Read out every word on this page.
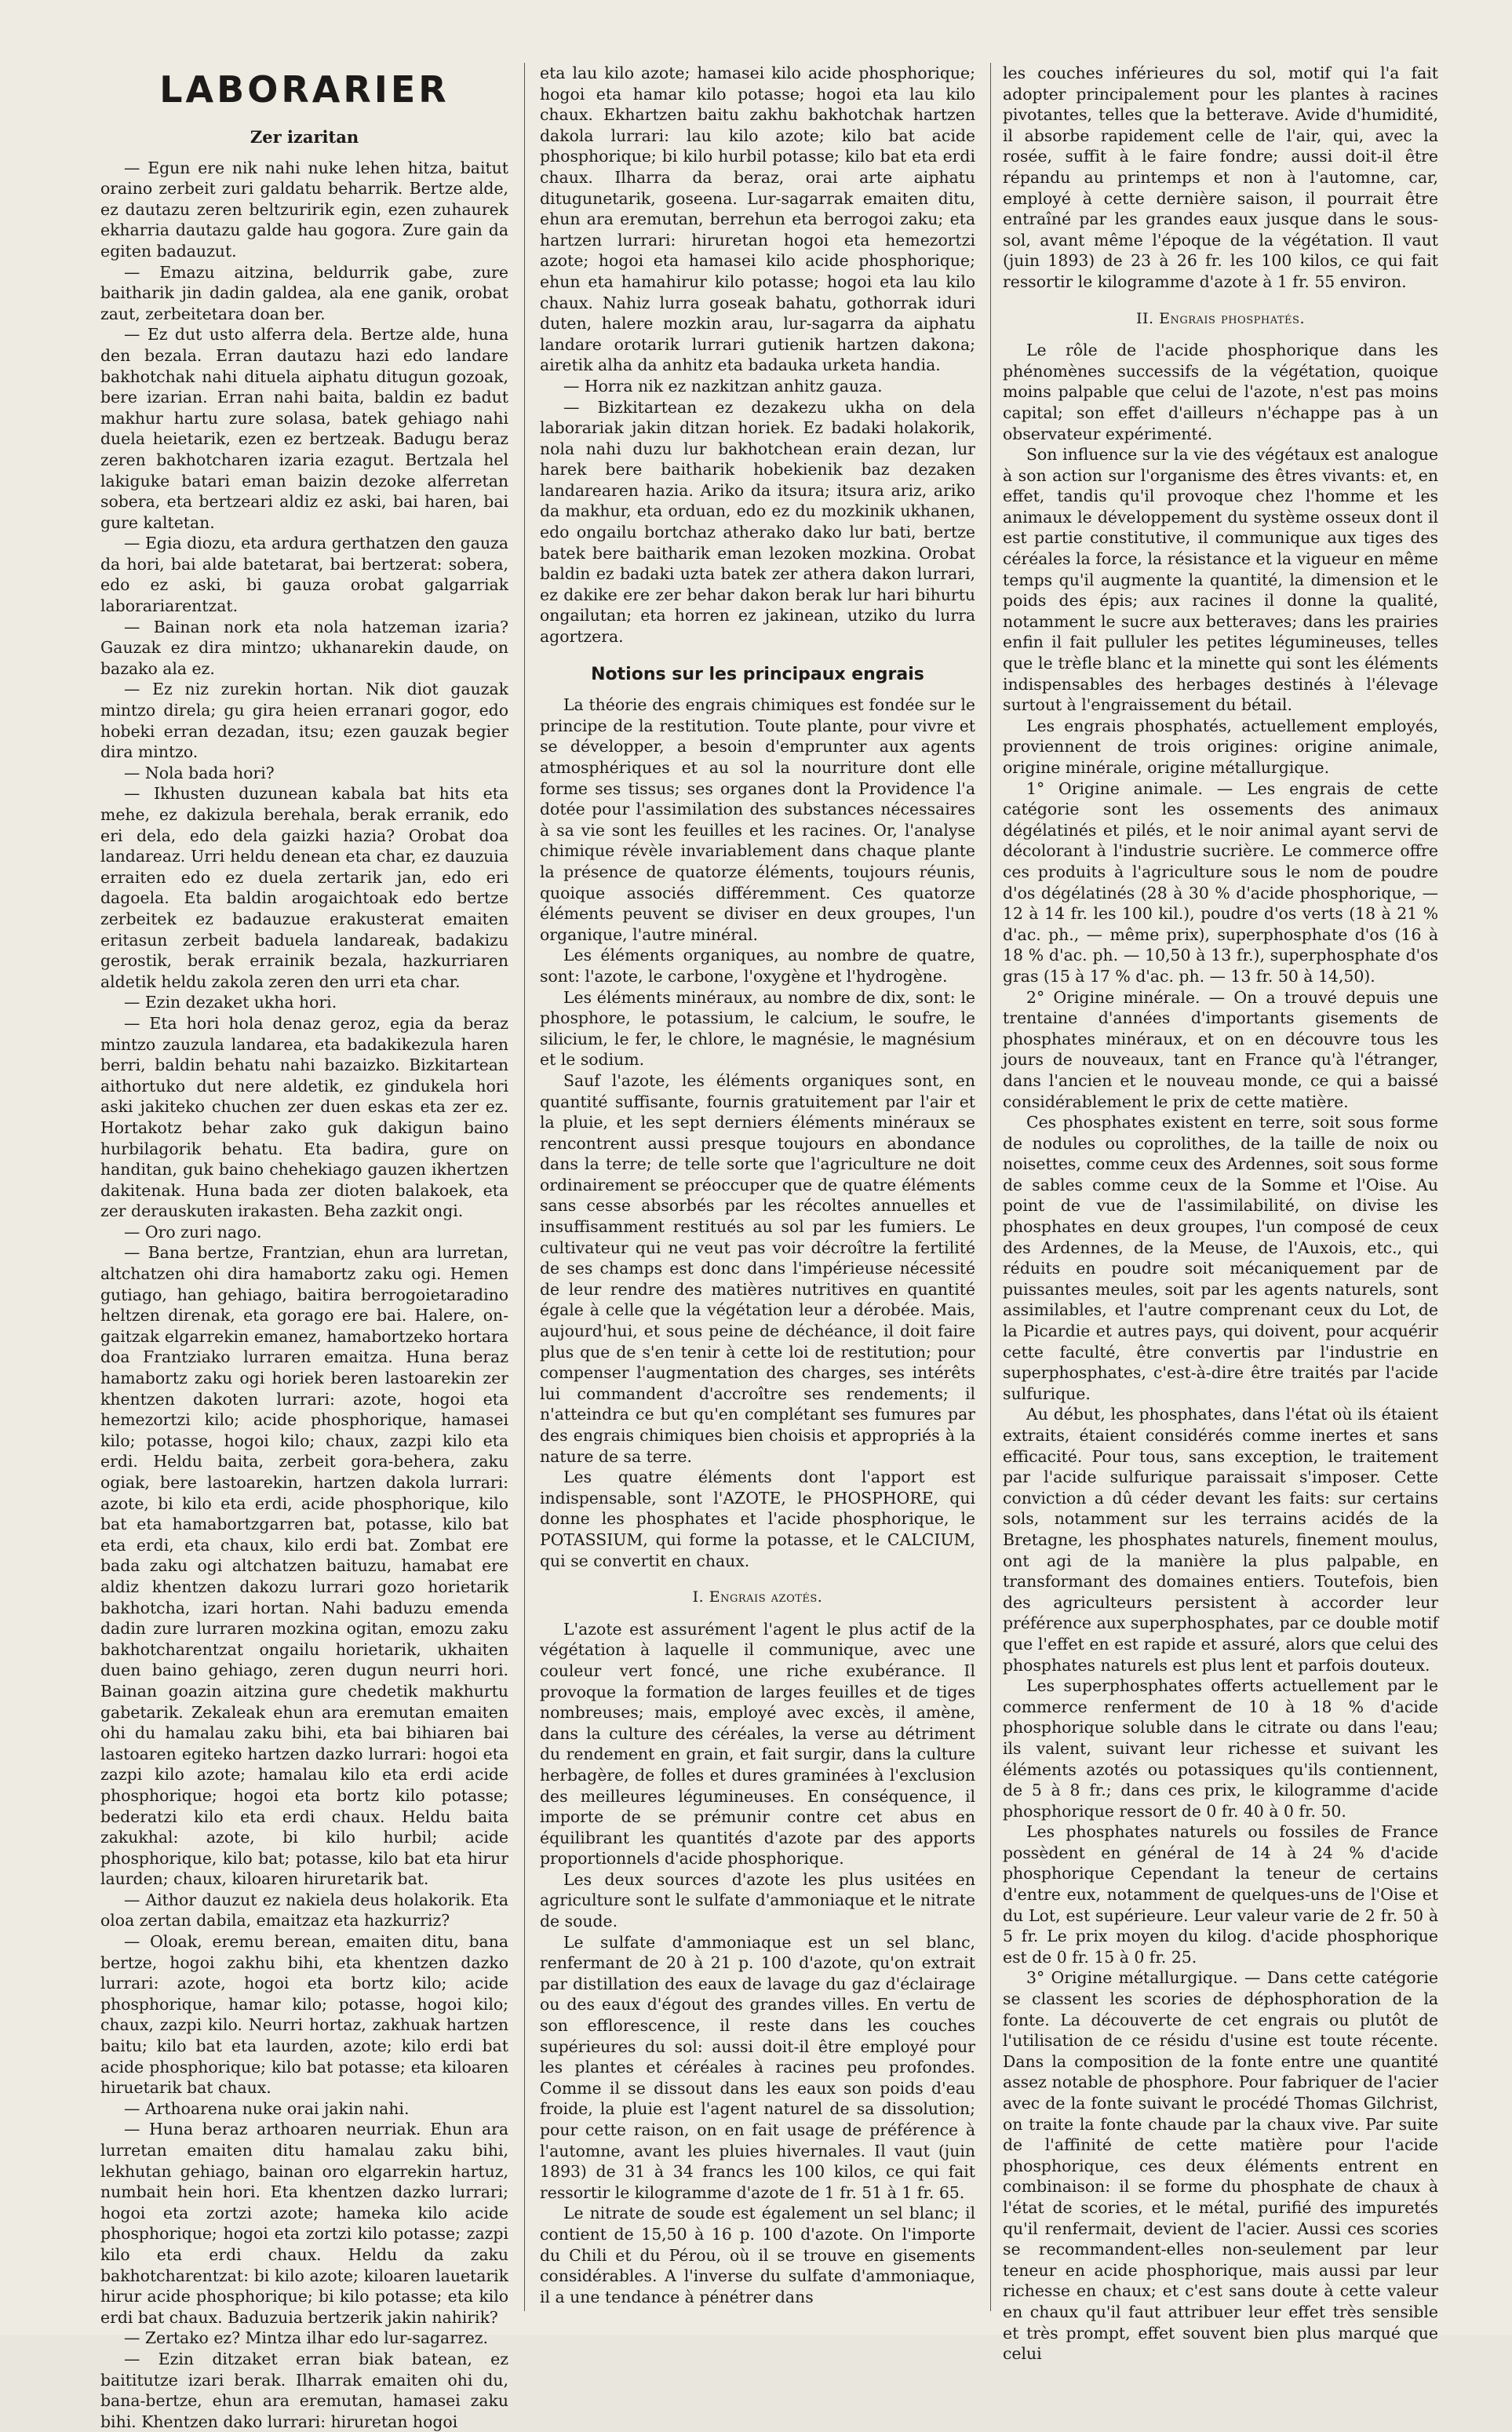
LABORARIER
Zer izaritan

— Egun ere nik nahi nuke lehen hitza, baitut oraino zerbeit zuri galdatu beharrik. Bertze alde, ez dautazu zeren beltzuririk egin, ezen zuhaurek ekharria dautazu galde hau gogora. Zure gain da egiten badauzut.

— Emazu aitzina, beldurrik gabe, zure baitharik jin dadin galdea, ala ene ganik, orobat zaut, zerbeitetara doan ber.

— Ez dut usto alferra dela. Bertze alde, huna den bezala. Erran dautazu hazi edo landare bakhotchak nahi dituela aiphatu ditugun gozoak, bere izarian. Erran nahi baita, baldin ez badut makhur hartu zure solasa, batek gehiago nahi duela heietarik, ezen ez bertzeak. Badugu beraz zeren bakhotcharen izaria ezagut. Bertzala hel lakiguke batari eman baizin dezoke alferretan sobera, eta bertzeari aldiz ez aski, bai haren, bai gure kaltetan.

— Egia diozu, eta ardura gerthatzen den gauza da hori, bai alde batetarat, bai bertzerat: sobera, edo ez aski, bi gauza orobat galgarriak laborariarentzat.

— Bainan nork eta nola hatzeman izaria? Gauzak ez dira mintzo; ukhanarekin daude, on bazako ala ez.

— Ez niz zurekin hortan. Nik diot gauzak mintzo direla; gu gira heien erranari gogor, edo hobeki erran dezadan, itsu; ezen gauzak begier dira mintzo.

— Nola bada hori?

— Ikhusten duzunean kabala bat hits eta mehe, ez dakizula berehala, berak erranik, edo eri dela, edo dela gaizki hazia? Orobat doa landareaz. Urri heldu denean eta char, ez dauzuia erraiten edo ez duela zertarik jan, edo eri dagoela. Eta baldin arogaichtoak edo bertze zerbeitek ez badauzue erakusterat emaiten eritasun zerbeit baduela landareak, badakizu gerostik, berak errainik bezala, hazkurriaren aldetik heldu zakola zeren den urri eta char.

— Ezin dezaket ukha hori.

— Eta hori hola denaz geroz, egia da beraz mintzo zauzula landarea, eta badakikezula haren berri, baldin behatu nahi bazaizko. Bizkitartean aithortuko dut nere aldetik, ez gindukela hori aski jakiteko chuchen zer duen eskas eta zer ez. Hortakotz behar zako guk dakigun baino hurbilagorik behatu. Eta badira, gure on handitan, guk baino chehekiago gauzen ikhertzen dakitenak. Huna bada zer dioten balakoek, eta zer derauskuten irakasten. Beha zazkit ongi.

— Oro zuri nago.

— Bana bertze, Frantzian, ehun ara lurretan, altchatzen ohi dira hamabortz zaku ogi. Hemen gutiago, han gehiago, baitira berrogoietaradino heltzen direnak, eta gorago ere bai. Halere, on-gaitzak elgarrekin emanez, hamabortzeko hortara doa Frantziako lurraren emaitza. Huna beraz hamabortz zaku ogi horiek beren lastoarekin zer khentzen dakoten lurrari: azote, hogoi eta hemezortzi kilo; acide phosphorique, hamasei kilo; potasse, hogoi kilo; chaux, zazpi kilo eta erdi. Heldu baita, zerbeit gora-behera, zaku ogiak, bere lastoarekin, hartzen dakola lurrari: azote, bi kilo eta erdi, acide phosphorique, kilo bat eta hamabortzgarren bat, potasse, kilo bat eta erdi, eta chaux, kilo erdi bat. Zombat ere bada zaku ogi altchatzen baituzu, hamabat ere aldiz khentzen dakozu lurrari gozo horietarik bakhotcha, izari hortan. Nahi baduzu emenda dadin zure lurraren mozkina ogitan, emozu zaku bakhotcharentzat ongailu horietarik, ukhaiten duen baino gehiago, zeren dugun neurri hori. Bainan goazin aitzina gure chedetik makhurtu gabetarik. Zekaleak ehun ara eremutan emaiten ohi du hamalau zaku bihi, eta bai bihiaren bai lastoaren egiteko hartzen dazko lurrari: hogoi eta zazpi kilo azote; hamalau kilo eta erdi acide phosphorique; hogoi eta bortz kilo potasse; bederatzi kilo eta erdi chaux. Heldu baita zakukhal: azote, bi kilo hurbil; acide phosphorique, kilo bat; potasse, kilo bat eta hirur laurden; chaux, kiloaren hiruretarik bat.

— Aithor dauzut ez nakiela deus holakorik. Eta oloa zertan dabila, emaitzaz eta hazkurriz?

— Oloak, eremu berean, emaiten ditu, bana bertze, hogoi zakhu bihi, eta khentzen dazko lurrari: azote, hogoi eta bortz kilo; acide phosphorique, hamar kilo; potasse, hogoi kilo; chaux, zazpi kilo. Neurri hortaz, zakhuak hartzen baitu; kilo bat eta laurden, azote; kilo erdi bat acide phosphorique; kilo bat potasse; eta kiloaren hiruetarik bat chaux.

— Arthoarena nuke orai jakin nahi.

— Huna beraz arthoaren neurriak. Ehun ara lurretan emaiten ditu hamalau zaku bihi, lekhutan gehiago, bainan oro elgarrekin hartuz, numbait hein hori. Eta khentzen dazko lurrari; hogoi eta zortzi azote; hameka kilo acide phosphorique; hogoi eta zortzi kilo potasse; zazpi kilo eta erdi chaux. Heldu da zaku bakhotcharentzat: bi kilo azote; kiloaren lauetarik hirur acide phosphorique; bi kilo potasse; eta kilo erdi bat chaux. Baduzuia bertzerik jakin nahirik?

— Zertako ez? Mintza ilhar edo lur-sagarrez.

— Ezin ditzaket erran biak batean, ez baititutze izari berak. Ilharrak emaiten ohi du, bana-bertze, ehun ara eremutan, hamasei zaku bihi. Khentzen dako lurrari: hiruretan hogoi

eta lau kilo azote; hamasei kilo acide phosphorique; hogoi eta hamar kilo potasse; hogoi eta lau kilo chaux. Ekhartzen baitu zakhu bakhotchak hartzen dakola lurrari: lau kilo azote; kilo bat acide phosphorique; bi kilo hurbil potasse; kilo bat eta erdi chaux. Ilharra da beraz, orai arte aiphatu ditugunetarik, goseena. Lur-sagarrak emaiten ditu, ehun ara eremutan, berrehun eta berrogoi zaku; eta hartzen lurrari: hiruretan hogoi eta hemezortzi azote; hogoi eta hamasei kilo acide phosphorique; ehun eta hamahirur kilo potasse; hogoi eta lau kilo chaux. Nahiz lurra goseak bahatu, gothorrak iduri duten, halere mozkin arau, lur-sagarra da aiphatu landare orotarik lurrari gutienik hartzen dakona; airetik alha da anhitz eta badauka urketa handia.

— Horra nik ez nazkitzan anhitz gauza.

— Bizkitartean ez dezakezu ukha on dela laborariak jakin ditzan horiek. Ez badaki holakorik, nola nahi duzu lur bakhotchean erain dezan, lur harek bere baitharik hobekienik baz dezaken landarearen hazia. Ariko da itsura; itsura ariz, ariko da makhur, eta orduan, edo ez du mozkinik ukhanen, edo ongailu bortchaz atherako dako lur bati, bertze batek bere baitharik eman lezoken mozkina. Orobat baldin ez badaki uzta batek zer athera dakon lurrari, ez dakike ere zer behar dakon berak lur hari bihurtu ongailutan; eta horren ez jakinean, utziko du lurra agortzera.

Notions sur les principaux engrais

La théorie des engrais chimiques est fondée sur le principe de la restitution. Toute plante, pour vivre et se développer, a besoin d'emprunter aux agents atmosphériques et au sol la nourriture dont elle forme ses tissus; ses organes dont la Providence l'a dotée pour l'assimilation des substances nécessaires à sa vie sont les feuilles et les racines. Or, l'analyse chimique révèle invariablement dans chaque plante la présence de quatorze éléments, toujours réunis, quoique associés différemment. Ces quatorze éléments peuvent se diviser en deux groupes, l'un organique, l'autre minéral.

Les éléments organiques, au nombre de quatre, sont: l'azote, le carbone, l'oxygène et l'hydrogène.

Les éléments minéraux, au nombre de dix, sont: le phosphore, le potassium, le calcium, le soufre, le silicium, le fer, le chlore, le magnésie, le magnésium et le sodium.

Sauf l'azote, les éléments organiques sont, en quantité suffisante, fournis gratuitement par l'air et la pluie, et les sept derniers éléments minéraux se rencontrent aussi presque toujours en abondance dans la terre; de telle sorte que l'agriculture ne doit ordinairement se préoccuper que de quatre éléments sans cesse absorbés par les récoltes annuelles et insuffisamment restitués au sol par les fumiers. Le cultivateur qui ne veut pas voir décroître la fertilité de ses champs est donc dans l'impérieuse nécessité de leur rendre des matières nutritives en quantité égale à celle que la végétation leur a dérobée. Mais, aujourd'hui, et sous peine de déchéance, il doit faire plus que de s'en tenir à cette loi de restitution; pour compenser l'augmentation des charges, ses intérêts lui commandent d'accroître ses rendements; il n'atteindra ce but qu'en complétant ses fumures par des engrais chimiques bien choisis et appropriés à la nature de sa terre.

Les quatre éléments dont l'apport est indispensable, sont l'AZOTE, le PHOSPHORE, qui donne les phosphates et l'acide phosphorique, le POTASSIUM, qui forme la potasse, et le CALCIUM, qui se convertit en chaux.

I. Engrais azotés.

L'azote est assurément l'agent le plus actif de la végétation à laquelle il communique, avec une couleur vert foncé, une riche exubérance. Il provoque la formation de larges feuilles et de tiges nombreuses; mais, employé avec excès, il amène, dans la culture des céréales, la verse au détriment du rendement en grain, et fait surgir, dans la culture herbagère, de folles et dures graminées à l'exclusion des meilleures légumineuses. En conséquence, il importe de se prémunir contre cet abus en équilibrant les quantités d'azote par des apports proportionnels d'acide phosphorique.

Les deux sources d'azote les plus usitées en agriculture sont le sulfate d'ammoniaque et le nitrate de soude.

Le sulfate d'ammoniaque est un sel blanc, renfermant de 20 à 21 p. 100 d'azote, qu'on extrait par distillation des eaux de lavage du gaz d'éclairage ou des eaux d'égout des grandes villes. En vertu de son efflorescence, il reste dans les couches supérieures du sol: aussi doit-il être employé pour les plantes et céréales à racines peu profondes. Comme il se dissout dans les eaux son poids d'eau froide, la pluie est l'agent naturel de sa dissolution; pour cette raison, on en fait usage de préférence à l'automne, avant les pluies hivernales. Il vaut (juin 1893) de 31 à 34 francs les 100 kilos, ce qui fait ressortir le kilogramme d'azote de 1 fr. 51 à 1 fr. 65.

Le nitrate de soude est également un sel blanc; il contient de 15,50 à 16 p. 100 d'azote. On l'importe du Chili et du Pérou, où il se trouve en gisements considérables. A l'inverse du sulfate d'ammoniaque, il a une tendance à pénétrer dans

les couches inférieures du sol, motif qui l'a fait adopter principalement pour les plantes à racines pivotantes, telles que la betterave. Avide d'humidité, il absorbe rapidement celle de l'air, qui, avec la rosée, suffit à le faire fondre; aussi doit-il être répandu au printemps et non à l'automne, car, employé à cette dernière saison, il pourrait être entraîné par les grandes eaux jusque dans le sous-sol, avant même l'époque de la végétation. Il vaut (juin 1893) de 23 à 26 fr. les 100 kilos, ce qui fait ressortir le kilogramme d'azote à 1 fr. 55 environ.

II. Engrais phosphatés.

Le rôle de l'acide phosphorique dans les phénomènes successifs de la végétation, quoique moins palpable que celui de l'azote, n'est pas moins capital; son effet d'ailleurs n'échappe pas à un observateur expérimenté.

Son influence sur la vie des végétaux est analogue à son action sur l'organisme des êtres vivants: et, en effet, tandis qu'il provoque chez l'homme et les animaux le développement du système osseux dont il est partie constitutive, il communique aux tiges des céréales la force, la résistance et la vigueur en même temps qu'il augmente la quantité, la dimension et le poids des épis; aux racines il donne la qualité, notamment le sucre aux betteraves; dans les prairies enfin il fait pulluler les petites légumineuses, telles que le trèfle blanc et la minette qui sont les éléments indispensables des herbages destinés à l'élevage surtout à l'engraissement du bétail.

Les engrais phosphatés, actuellement employés, proviennent de trois origines: origine animale, origine minérale, origine métallurgique.

1° Origine animale. — Les engrais de cette catégorie sont les ossements des animaux dégélatinés et pilés, et le noir animal ayant servi de décolorant à l'industrie sucrière. Le commerce offre ces produits à l'agriculture sous le nom de poudre d'os dégélatinés (28 à 30 % d'acide phosphorique, — 12 à 14 fr. les 100 kil.), poudre d'os verts (18 à 21 % d'ac. ph., — même prix), superphosphate d'os (16 à 18 % d'ac. ph. — 10,50 à 13 fr.), superphosphate d'os gras (15 à 17 % d'ac. ph. — 13 fr. 50 à 14,50).

2° Origine minérale. — On a trouvé depuis une trentaine d'années d'importants gisements de phosphates minéraux, et on en découvre tous les jours de nouveaux, tant en France qu'à l'étranger, dans l'ancien et le nouveau monde, ce qui a baissé considérablement le prix de cette matière.

Ces phosphates existent en terre, soit sous forme de nodules ou coprolithes, de la taille de noix ou noisettes, comme ceux des Ardennes, soit sous forme de sables comme ceux de la Somme et l'Oise. Au point de vue de l'assimilabilité, on divise les phosphates en deux groupes, l'un composé de ceux des Ardennes, de la Meuse, de l'Auxois, etc., qui réduits en poudre soit mécaniquement par de puissantes meules, soit par les agents naturels, sont assimilables, et l'autre comprenant ceux du Lot, de la Picardie et autres pays, qui doivent, pour acquérir cette faculté, être convertis par l'industrie en superphosphates, c'est-à-dire être traités par l'acide sulfurique.

Au début, les phosphates, dans l'état où ils étaient extraits, étaient considérés comme inertes et sans efficacité. Pour tous, sans exception, le traitement par l'acide sulfurique paraissait s'imposer. Cette conviction a dû céder devant les faits: sur certains sols, notamment sur les terrains acidés de la Bretagne, les phosphates naturels, finement moulus, ont agi de la manière la plus palpable, en transformant des domaines entiers. Toutefois, bien des agriculteurs persistent à accorder leur préférence aux superphosphates, par ce double motif que l'effet en est rapide et assuré, alors que celui des phosphates naturels est plus lent et parfois douteux.

Les superphosphates offerts actuellement par le commerce renferment de 10 à 18 % d'acide phosphorique soluble dans le citrate ou dans l'eau; ils valent, suivant leur richesse et suivant les éléments azotés ou potassiques qu'ils contiennent, de 5 à 8 fr.; dans ces prix, le kilogramme d'acide phosphorique ressort de 0 fr. 40 à 0 fr. 50.

Les phosphates naturels ou fossiles de France possèdent en général de 14 à 24 % d'acide phosphorique Cependant la teneur de certains d'entre eux, notamment de quelques-uns de l'Oise et du Lot, est supérieure. Leur valeur varie de 2 fr. 50 à 5 fr. Le prix moyen du kilog. d'acide phosphorique est de 0 fr. 15 à 0 fr. 25.

3° Origine métallurgique. — Dans cette catégorie se classent les scories de déphosphoration de la fonte. La découverte de cet engrais ou plutôt de l'utilisation de ce résidu d'usine est toute récente. Dans la composition de la fonte entre une quantité assez notable de phosphore. Pour fabriquer de l'acier avec de la fonte suivant le procédé Thomas Gilchrist, on traite la fonte chaude par la chaux vive. Par suite de l'affinité de cette matière pour l'acide phosphorique, ces deux éléments entrent en combinaison: il se forme du phosphate de chaux à l'état de scories, et le métal, purifié des impuretés qu'il renfermait, devient de l'acier. Aussi ces scories se recommandent-elles non-seulement par leur teneur en acide phosphorique, mais aussi par leur richesse en chaux; et c'est sans doute à cette valeur en chaux qu'il faut attribuer leur effet très sensible et très prompt, effet souvent bien plus marqué que celui
